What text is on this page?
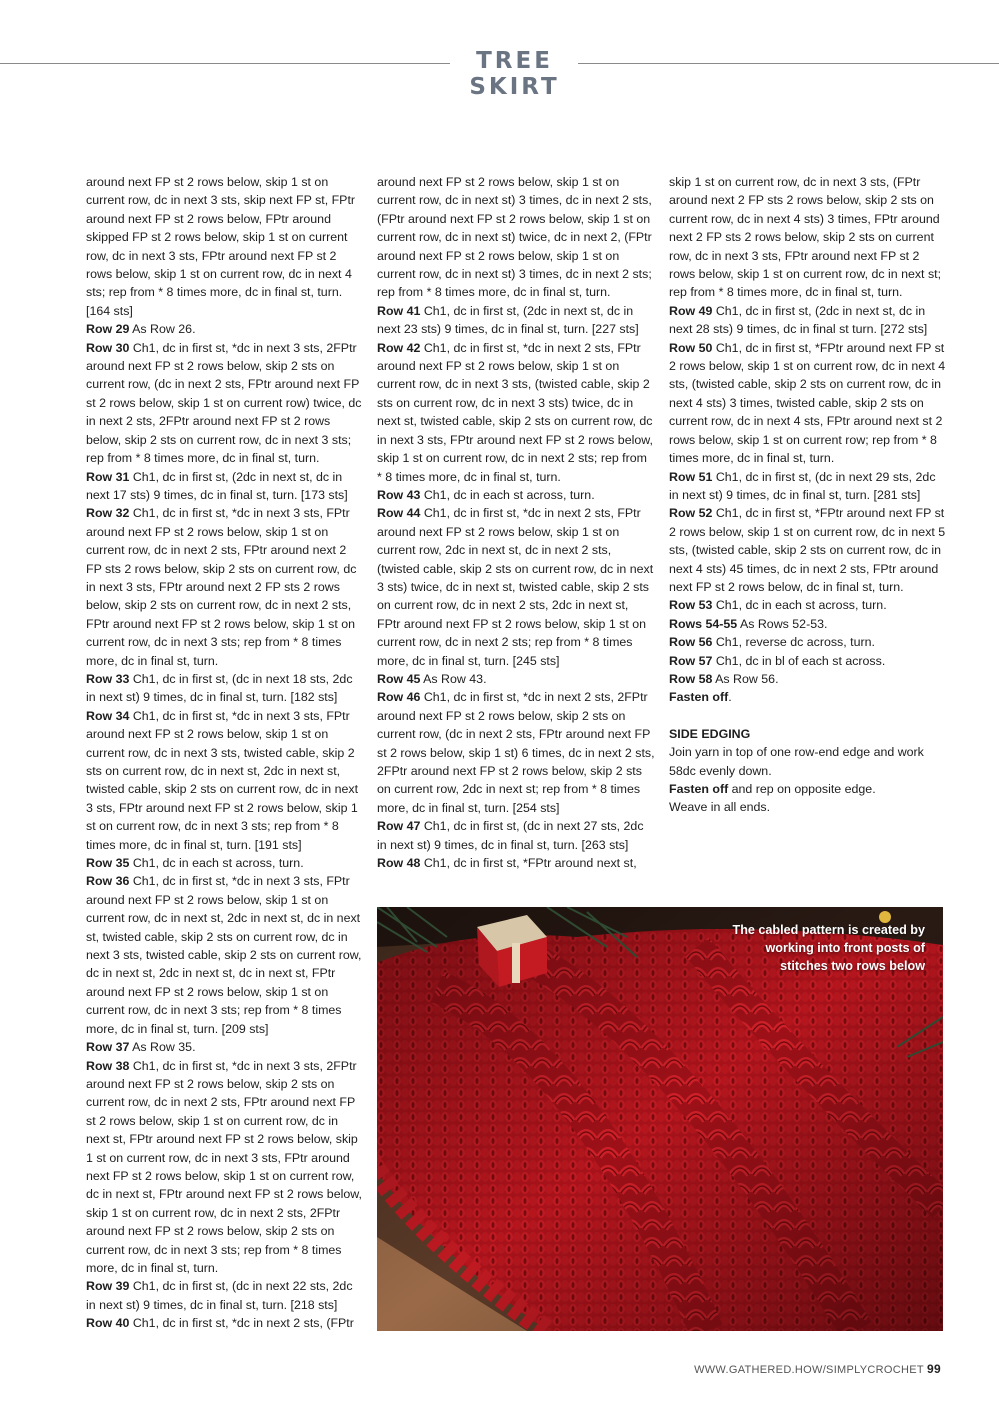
TREE SKIRT

around next FP st 2 rows below, skip 1 st on current row, dc in next 3 sts, skip next FP st, FPtr around next FP st 2 rows below, FPtr around skipped FP st 2 rows below, skip 1 st on current row, dc in next 3 sts, FPtr around next FP st 2 rows below, skip 1 st on current row, dc in next 4 sts; rep from * 8 times more, dc in final st, turn. [164 sts]

Row 29 As Row 26.

Row 30 Ch1, dc in first st, *dc in next 3 sts, 2FPtr around next FP st 2 rows below, skip 2 sts on current row, (dc in next 2 sts, FPtr around next FP st 2 rows below, skip 1 st on current row) twice, dc in next 2 sts, 2FPtr around next FP st 2 rows below, skip 2 sts on current row, dc in next 3 sts; rep from * 8 times more, dc in final st, turn.

Row 31 Ch1, dc in first st, (2dc in next st, dc in next 17 sts) 9 times, dc in final st, turn. [173 sts]

Row 32 Ch1, dc in first st, *dc in next 3 sts, FPtr around next FP st 2 rows below, skip 1 st on current row, dc in next 2 sts, FPtr around next 2 FP sts 2 rows below, skip 2 sts on current row, dc in next 3 sts, FPtr around next 2 FP sts 2 rows below, skip 2 sts on current row, dc in next 2 sts, FPtr around next FP st 2 rows below, skip 1 st on current row, dc in next 3 sts; rep from * 8 times more, dc in final st, turn.

Row 33 Ch1, dc in first st, (dc in next 18 sts, 2dc in next st) 9 times, dc in final st, turn. [182 sts]

Row 34 Ch1, dc in first st, *dc in next 3 sts, FPtr around next FP st 2 rows below, skip 1 st on current row, dc in next 3 sts, twisted cable, skip 2 sts on current row, dc in next st, 2dc in next st, twisted cable, skip 2 sts on current row, dc in next 3 sts, FPtr around next FP st 2 rows below, skip 1 st on current row, dc in next 3 sts; rep from * 8 times more, dc in final st, turn. [191 sts]

Row 35 Ch1, dc in each st across, turn.

Row 36 Ch1, dc in first st, *dc in next 3 sts, FPtr around next FP st 2 rows below, skip 1 st on current row, dc in next st, 2dc in next st, dc in next st, twisted cable, skip 2 sts on current row, dc in next 3 sts, twisted cable, skip 2 sts on current row, dc in next st, 2dc in next st, dc in next st, FPtr around next FP st 2 rows below, skip 1 st on current row, dc in next 3 sts; rep from * 8 times more, dc in final st, turn. [209 sts]

Row 37 As Row 35.

Row 38 Ch1, dc in first st, *dc in next 3 sts, 2FPtr around next FP st 2 rows below, skip 2 sts on current row, dc in next 2 sts, FPtr around next FP st 2 rows below, skip 1 st on current row, dc in next st, FPtr around next FP st 2 rows below, skip 1 st on current row, dc in next 3 sts, FPtr around next FP st 2 rows below, skip 1 st on current row, dc in next st, FPtr around next FP st 2 rows below, skip 1 st on current row, dc in next 2 sts, 2FPtr around next FP st 2 rows below, skip 2 sts on current row, dc in next 3 sts; rep from * 8 times more, dc in final st, turn.

Row 39 Ch1, dc in first st, (dc in next 22 sts, 2dc in next st) 9 times, dc in final st, turn. [218 sts]

Row 40 Ch1, dc in first st, *dc in next 2 sts, (FPtr

around next FP st 2 rows below, skip 1 st on current row, dc in next st) 3 times, dc in next 2 sts, (FPtr around next FP st 2 rows below, skip 1 st on current row, dc in next st) twice, dc in next 2, (FPtr around next FP st 2 rows below, skip 1 st on current row, dc in next st) 3 times, dc in next 2 sts; rep from * 8 times more, dc in final st, turn.

Row 41 Ch1, dc in first st, (2dc in next st, dc in next 23 sts) 9 times, dc in final st, turn. [227 sts]

Row 42 Ch1, dc in first st, *dc in next 2 sts, FPtr around next FP st 2 rows below, skip 1 st on current row, dc in next 3 sts, (twisted cable, skip 2 sts on current row, dc in next 3 sts) twice, dc in next st, twisted cable, skip 2 sts on current row, dc in next 3 sts, FPtr around next FP st 2 rows below, skip 1 st on current row, dc in next 2 sts; rep from * 8 times more, dc in final st, turn.

Row 43 Ch1, dc in each st across, turn.

Row 44 Ch1, dc in first st, *dc in next 2 sts, FPtr around next FP st 2 rows below, skip 1 st on current row, 2dc in next st, dc in next 2 sts, (twisted cable, skip 2 sts on current row, dc in next 3 sts) twice, dc in next st, twisted cable, skip 2 sts on current row, dc in next 2 sts, 2dc in next st, FPtr around next FP st 2 rows below, skip 1 st on current row, dc in next 2 sts; rep from * 8 times more, dc in final st, turn. [245 sts]

Row 45 As Row 43.

Row 46 Ch1, dc in first st, *dc in next 2 sts, 2FPtr around next FP st 2 rows below, skip 2 sts on current row, (dc in next 2 sts, FPtr around next FP st 2 rows below, skip 1 st) 6 times, dc in next 2 sts, 2FPtr around next FP st 2 rows below, skip 2 sts on current row, 2dc in next st; rep from * 8 times more, dc in final st, turn. [254 sts]

Row 47 Ch1, dc in first st, (dc in next 27 sts, 2dc in next st) 9 times, dc in final st, turn. [263 sts]

Row 48 Ch1, dc in first st, *FPtr around next st,

skip 1 st on current row, dc in next 3 sts, (FPtr around next 2 FP sts 2 rows below, skip 2 sts on current row, dc in next 4 sts) 3 times, FPtr around next 2 FP sts 2 rows below, skip 2 sts on current row, dc in next 3 sts, FPtr around next FP st 2 rows below, skip 1 st on current row, dc in next st; rep from * 8 times more, dc in final st, turn.

Row 49 Ch1, dc in first st, (2dc in next st, dc in next 28 sts) 9 times, dc in final st turn. [272 sts]

Row 50 Ch1, dc in first st, *FPtr around next FP st 2 rows below, skip 1 st on current row, dc in next 4 sts, (twisted cable, skip 2 sts on current row, dc in next 4 sts) 3 times, twisted cable, skip 2 sts on current row, dc in next 4 sts, FPtr around next st 2 rows below, skip 1 st on current row; rep from * 8 times more, dc in final st, turn.

Row 51 Ch1, dc in first st, (dc in next 29 sts, 2dc in next st) 9 times, dc in final st, turn. [281 sts]

Row 52 Ch1, dc in first st, *FPtr around next FP st 2 rows below, skip 1 st on current row, dc in next 5 sts, (twisted cable, skip 2 sts on current row, dc in next 4 sts) 45 times, dc in next 2 sts, FPtr around next FP st 2 rows below, dc in final st, turn.

Row 53 Ch1, dc in each st across, turn.

Rows 54-55 As Rows 52-53.

Row 56 Ch1, reverse dc across, turn.

Row 57 Ch1, dc in bl of each st across.

Row 58 As Row 56.

Fasten off.

SIDE EDGING

Join yarn in top of one row-end edge and work 58dc evenly down.

Fasten off and rep on opposite edge.

Weave in all ends.

The cabled pattern is created by working into front posts of stitches two rows below
WWW.GATHERED.HOW/SIMPLYCROCHET 99
